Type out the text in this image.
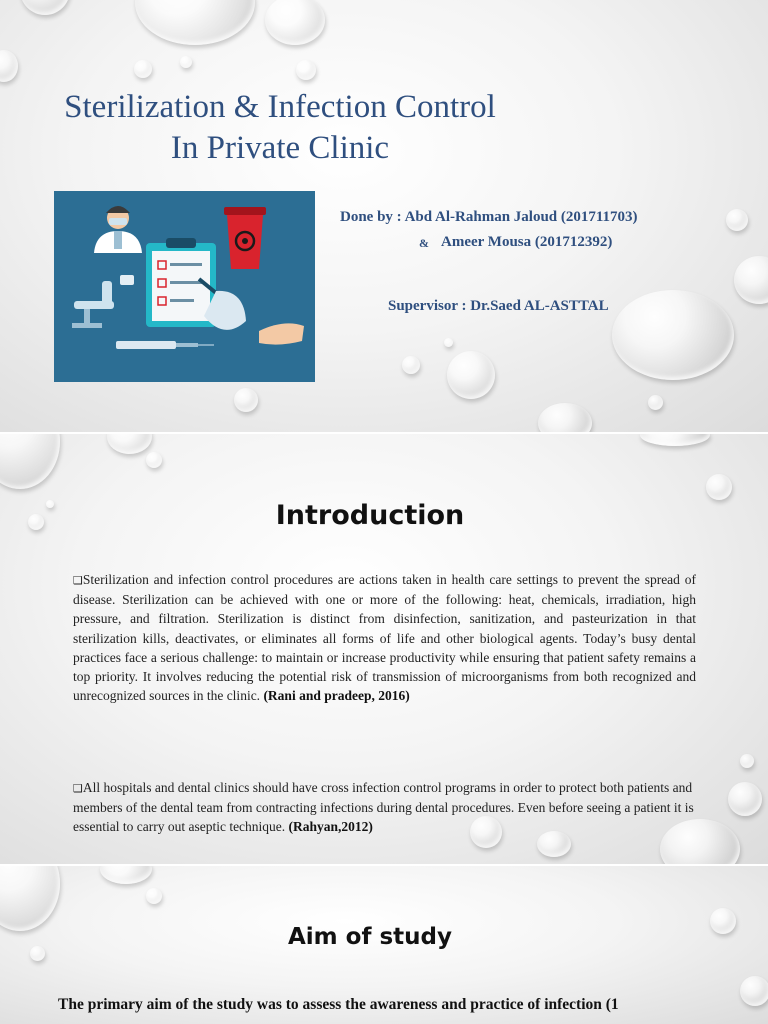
Sterilization & Infection Control
In Private Clinic

Done by : Abd Al-Rahman Jaloud (201711703)

& Ameer Mousa (201712392)

Supervisor : Dr.Saed AL-ASTTAL

Introduction

❑Sterilization and infection control procedures are actions taken in health care settings to prevent the spread of disease. Sterilization can be achieved with one or more of the following: heat, chemicals, irradiation, high pressure, and filtration. Sterilization is distinct from disinfection, sanitization, and pasteurization in that sterilization kills, deactivates, or eliminates all forms of life and other biological agents. Today’s busy dental practices face a serious challenge: to maintain or increase productivity while ensuring that patient safety remains a top priority. It involves reducing the potential risk of transmission of microorganisms from both recognized and unrecognized sources in the clinic. (Rani and pradeep, 2016)

❑All hospitals and dental clinics should have cross infection control programs in order to protect both patients and members of the dental team from contracting infections during dental procedures. Even before seeing a patient it is essential to carry out aseptic technique. (Rahyan,2012)

Aim of study

The primary aim of the study was to assess the awareness and practice of infection (1
